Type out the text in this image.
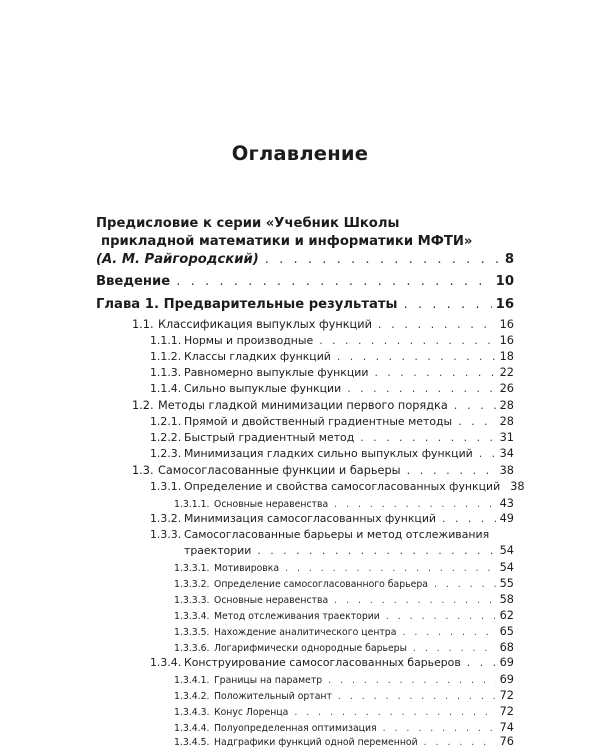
Оглавление
Предисловие к серии «Учебник Школы
прикладной математики и информатики МФТИ»
(А. М. Райгородский) . . .	8
Введение . . .	10
Глава 1. Предварительные результаты . . .	16
1.1. Классификация выпуклых функций . . .	16
1.1.1. Нормы и производные . . .	16
1.1.2. Классы гладких функций . . .	18
1.1.3. Равномерно выпуклые функции . . .	22
1.1.4. Сильно выпуклые функции . . .	26
1.2. Методы гладкой минимизации первого порядка . . .	28
1.2.1. Прямой и двойственный градиентные методы . . .	28
1.2.2. Быстрый градиентный метод . . .	31
1.2.3. Минимизация гладких сильно выпуклых функций . . . 34
1.3. Самосогласованные функции и барьеры . . .	38
1.3.1. Определение и свойства самосогласованных функций 38
1.3.1.1. Основные неравенства . . .	43
1.3.2. Минимизация самосогласованных функций . . .	49
1.3.3. Самосогласованные барьеры и метод отслеживания
траектории . . .	54
1.3.3.1. Мотивировка . . .	54
1.3.3.2. Определение самосогласованного барьера . . .	55
1.3.3.3. Основные неравенства . . .	58
1.3.3.4. Метод отслеживания траектории . . .	62
1.3.3.5. Нахождение аналитического центра . . .	65
1.3.3.6. Логарифмически однородные барьеры . . .	68
1.3.4. Конструирование самосогласованных барьеров . . .	69
1.3.4.1. Границы на параметр . . .	69
1.3.4.2. Положительный ортант . . .	72
1.3.4.3. Конус Лоренца . . .	72
1.3.4.4. Полуопределенная оптимизация . . .	74
1.3.4.5. Надграфики функций одной переменной . . .	76
